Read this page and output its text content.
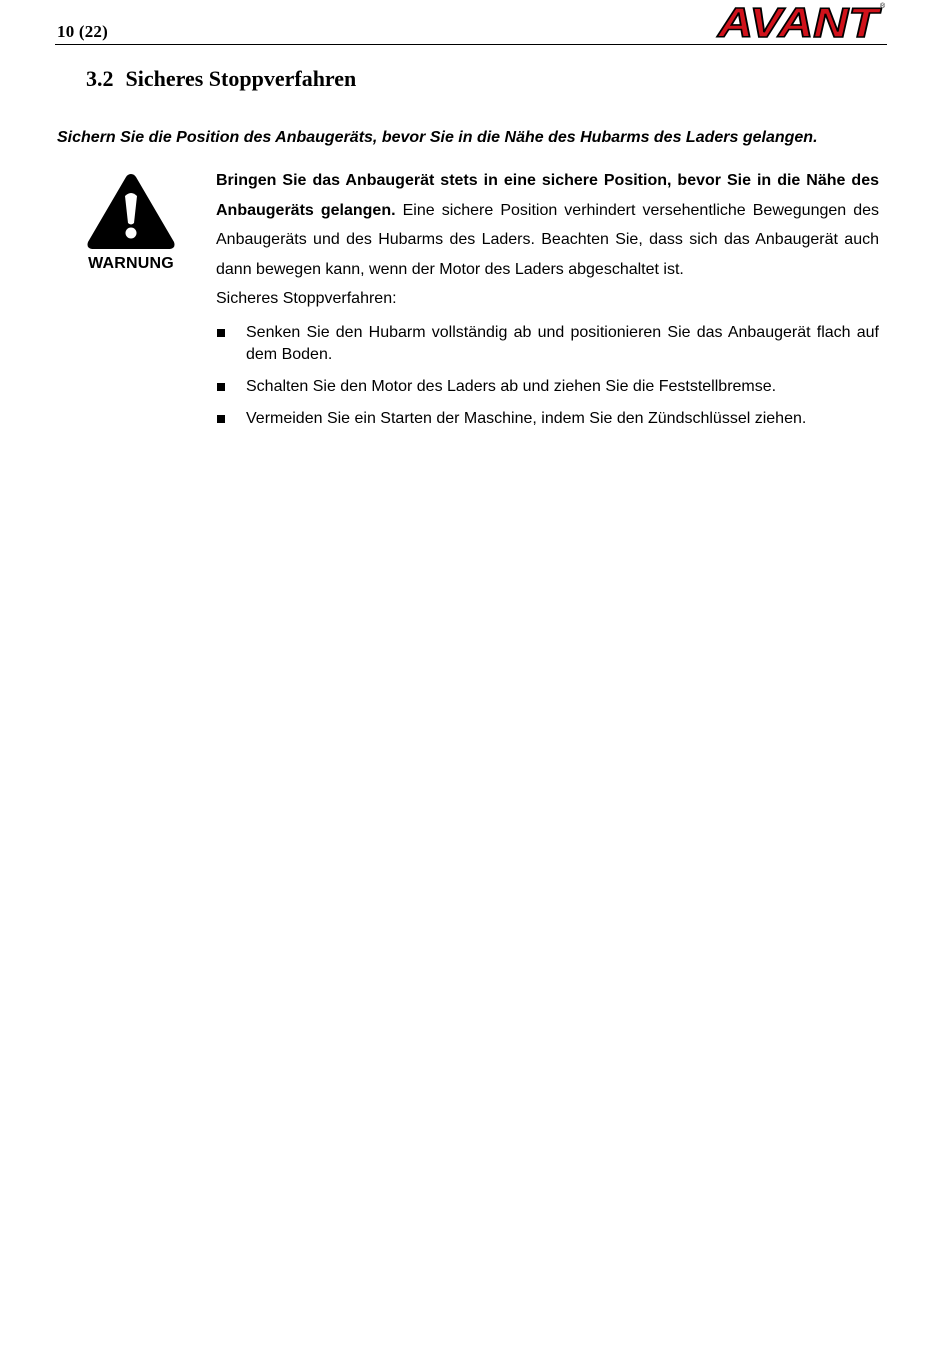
10 (22)	AVANT
®
3.2 Sicheres Stoppverfahren
Sichern Sie die Position des Anbaugeräts, bevor Sie in die Nähe des Hubarms des Laders gelangen.
WARNUNG

Bringen Sie das Anbaugerät stets in eine sichere Position, bevor Sie in die Nähe des Anbaugeräts gelangen. Eine sichere Position verhindert versehentliche Bewegungen des Anbaugeräts und des Hubarms des Laders. Beachten Sie, dass sich das Anbaugerät auch dann bewegen kann, wenn der Motor des Laders abgeschaltet ist.

Sicheres Stoppverfahren:

Senken Sie den Hubarm vollständig ab und positionieren Sie das Anbaugerät flach auf dem Boden.
Schalten Sie den Motor des Laders ab und ziehen Sie die Feststellbremse.
Vermeiden Sie ein Starten der Maschine, indem Sie den Zündschlüssel ziehen.
